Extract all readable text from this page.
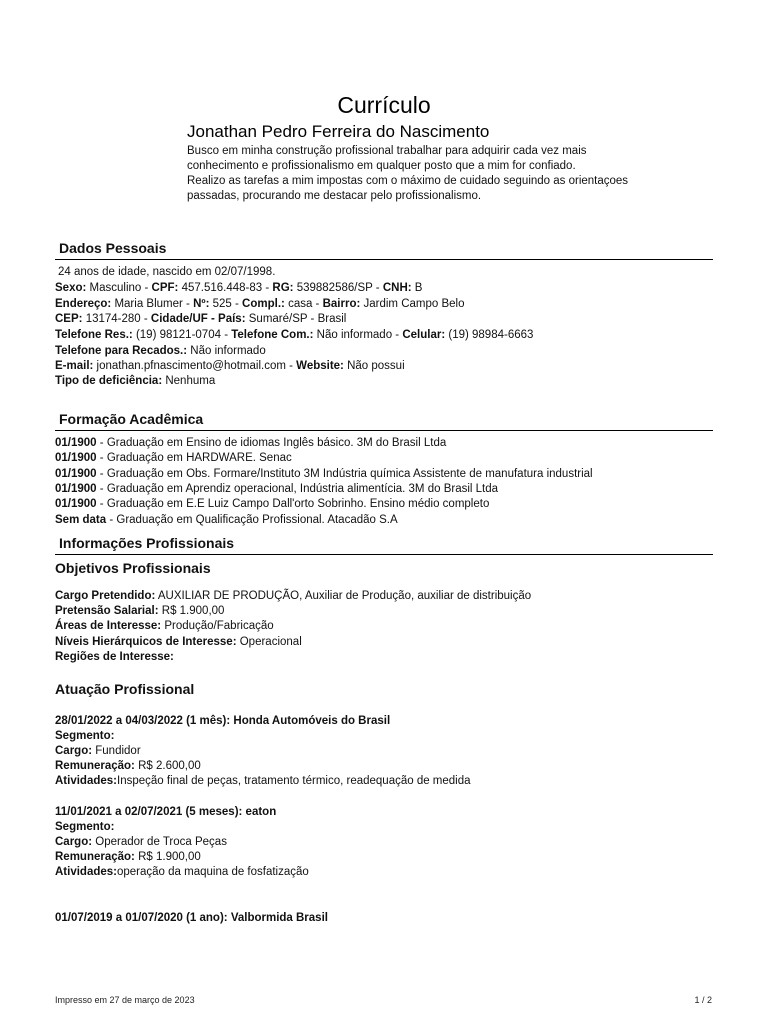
Currículo
Jonathan Pedro Ferreira do Nascimento
Busco em minha construção profissional trabalhar para adquirir cada vez mais
conhecimento e profissionalismo em qualquer posto que a mim for confiado.
Realizo as tarefas a mim impostas com o máximo de cuidado seguindo as orientaçoes
passadas, procurando me destacar pelo profissionalismo.
Dados Pessoais
24 anos de idade, nascido em 02/07/1998.
Sexo: Masculino - CPF: 457.516.448-83 - RG: 539882586/SP - CNH: B
Endereço: Maria Blumer - Nº: 525 - Compl.: casa - Bairro: Jardim Campo Belo
CEP: 13174-280 - Cidade/UF - País: Sumaré/SP - Brasil
Telefone Res.: (19) 98121-0704 - Telefone Com.: Não informado - Celular: (19) 98984-6663
Telefone para Recados.: Não informado
E-mail: jonathan.pfnascimento@hotmail.com - Website: Não possui
Tipo de deficiência: Nenhuma
Formação Acadêmica
01/1900 - Graduação em Ensino de idiomas Inglês básico. 3M do Brasil Ltda
01/1900 - Graduação em HARDWARE. Senac
01/1900 - Graduação em Obs. Formare/Instituto 3M Indústria química Assistente de manufatura industrial
01/1900 - Graduação em Aprendiz operacional, Indústria alimentícia. 3M do Brasil Ltda
01/1900 - Graduação em E.E Luiz Campo Dall'orto Sobrinho. Ensino médio completo
Sem data - Graduação em Qualificação Profissional. Atacadão S.A
Informações Profissionais
Objetivos Profissionais
Cargo Pretendido: AUXILIAR DE PRODUÇÃO, Auxiliar de Produção, auxiliar de distribuição
Pretensão Salarial: R$ 1.900,00
Áreas de Interesse: Produção/Fabricação
Níveis Hierárquicos de Interesse: Operacional
Regiões de Interesse:
Atuação Profissional
28/01/2022 a 04/03/2022 (1 mês): Honda Automóveis do Brasil
Segmento:
Cargo: Fundidor
Remuneração: R$ 2.600,00
Atividades:Inspeção final de peças, tratamento térmico, readequação de medida
11/01/2021 a 02/07/2021 (5 meses): eaton
Segmento:
Cargo: Operador de Troca Peças
Remuneração: R$ 1.900,00
Atividades:operação da maquina de fosfatização
01/07/2019 a 01/07/2020 (1 ano): Valbormida Brasil
Impresso em 27 de março de 2023	1 / 2
